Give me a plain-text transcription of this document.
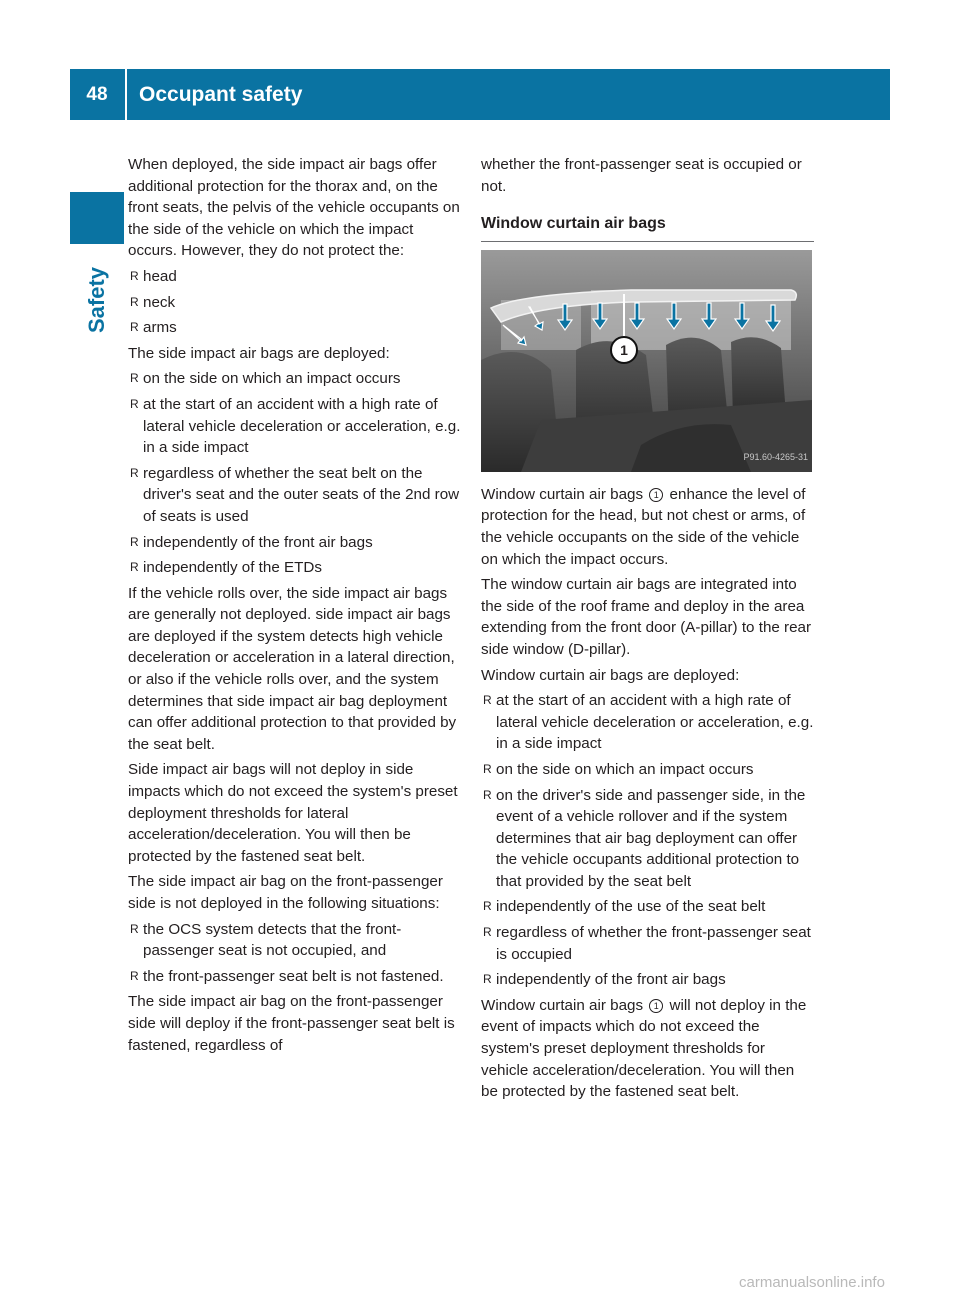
48	Occupant safety
Safety

When deployed, the side impact air bags offer additional protection for the thorax and, on the front seats, the pelvis of the vehicle occupants on the side of the vehicle on which the impact occurs. However, they do not protect the:

R head
R neck
R arms

The side impact air bags are deployed:

R on the side on which an impact occurs
R at the start of an accident with a high rate of lateral vehicle deceleration or acceleration, e.g. in a side impact
R regardless of whether the seat belt on the driver's seat and the outer seats of the 2nd row of seats is used
R independently of the front air bags
R independently of the ETDs

If the vehicle rolls over, the side impact air bags are generally not deployed. side impact air bags are deployed if the system detects high vehicle deceleration or acceleration in a lateral direction, or also if the vehicle rolls over, and the system determines that side impact air bag deployment can offer additional protection to that provided by the seat belt.

Side impact air bags will not deploy in side impacts which do not exceed the system's preset deployment thresholds for lateral acceleration/deceleration. You will then be protected by the fastened seat belt.

The side impact air bag on the front-passenger side is not deployed in the following situations:

R the OCS system detects that the front-passenger seat is not occupied, and
R the front-passenger seat belt is not fastened.

The side impact air bag on the front-passenger side will deploy if the front-passenger seat belt is fastened, regardless of

whether the front-passenger seat is occupied or not.

Window curtain air bags
1
P91.60-4265-31

Window curtain air bags 1 enhance the level of protection for the head, but not chest or arms, of the vehicle occupants on the side of the vehicle on which the impact occurs.

The window curtain air bags are integrated into the side of the roof frame and deploy in the area extending from the front door (A-pillar) to the rear side window (D-pillar).

Window curtain air bags are deployed:

R at the start of an accident with a high rate of lateral vehicle deceleration or acceleration, e.g. in a side impact
R on the side on which an impact occurs
R on the driver's side and passenger side, in the event of a vehicle rollover and if the system determines that air bag deployment can offer the vehicle occupants additional protection to that provided by the seat belt
R independently of the use of the seat belt
R regardless of whether the front-passenger seat is occupied
R independently of the front air bags

Window curtain air bags 1 will not deploy in the event of impacts which do not exceed the system's preset deployment thresholds for vehicle acceleration/deceleration. You will then be protected by the fastened seat belt.

carmanualsonline.info
